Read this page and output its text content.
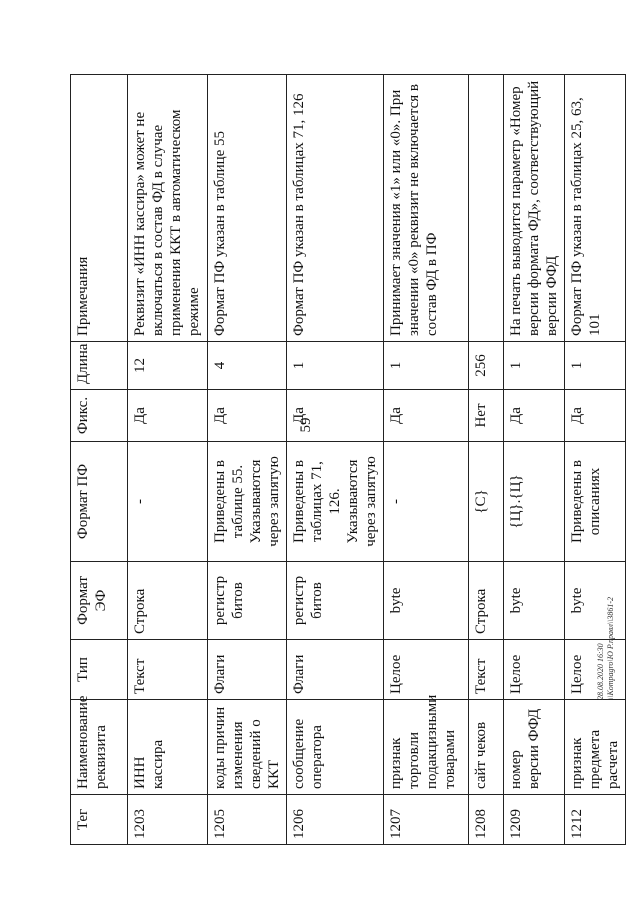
59
Тег	Наименование реквизита	Тип	Формат ЭФ	Формат ПФ	Фикс.	Длина	Примечания
1203	ИНН кассира	Текст	Строка	-	Да	12	Реквизит «ИНН кассира» может не включаться в состав ФД в случае применения ККТ в автоматическом режиме
1205	коды причин изменения сведений о ККТ	Флаги	регистр битов	Приведены в таблице 55. Указываются через запятую	Да	4	Формат ПФ указан в таблице 55
1206	сообщение оператора	Флаги	регистр битов	Приведены в таблицах 71, 126. Указываются через запятую	Да	1	Формат ПФ указан в таблицах 71, 126
1207	признак торговли подакцизными товарами	Целое	byte	-	Да	1	Принимает значения «1» или «0». При значении «0» реквизит не включается в состав ФД в ПФ
1208	сайт чеков	Текст	Строка	{С}	Нет	256	
1209	номер версии ФФД	Целое	byte	{Ц}.{Ц}	Да	1	На печать выводится параметр «Номер версии формата ФД», соответствующий версии ФФД
1212	признак предмета расчета	Целое	byte	Приведены в описаниях	Да	1	Формат ПФ указан в таблицах 25, 63, 101
28.08.2020 16:30 \\Kompagro\Ю Р.правл\\3861-2
